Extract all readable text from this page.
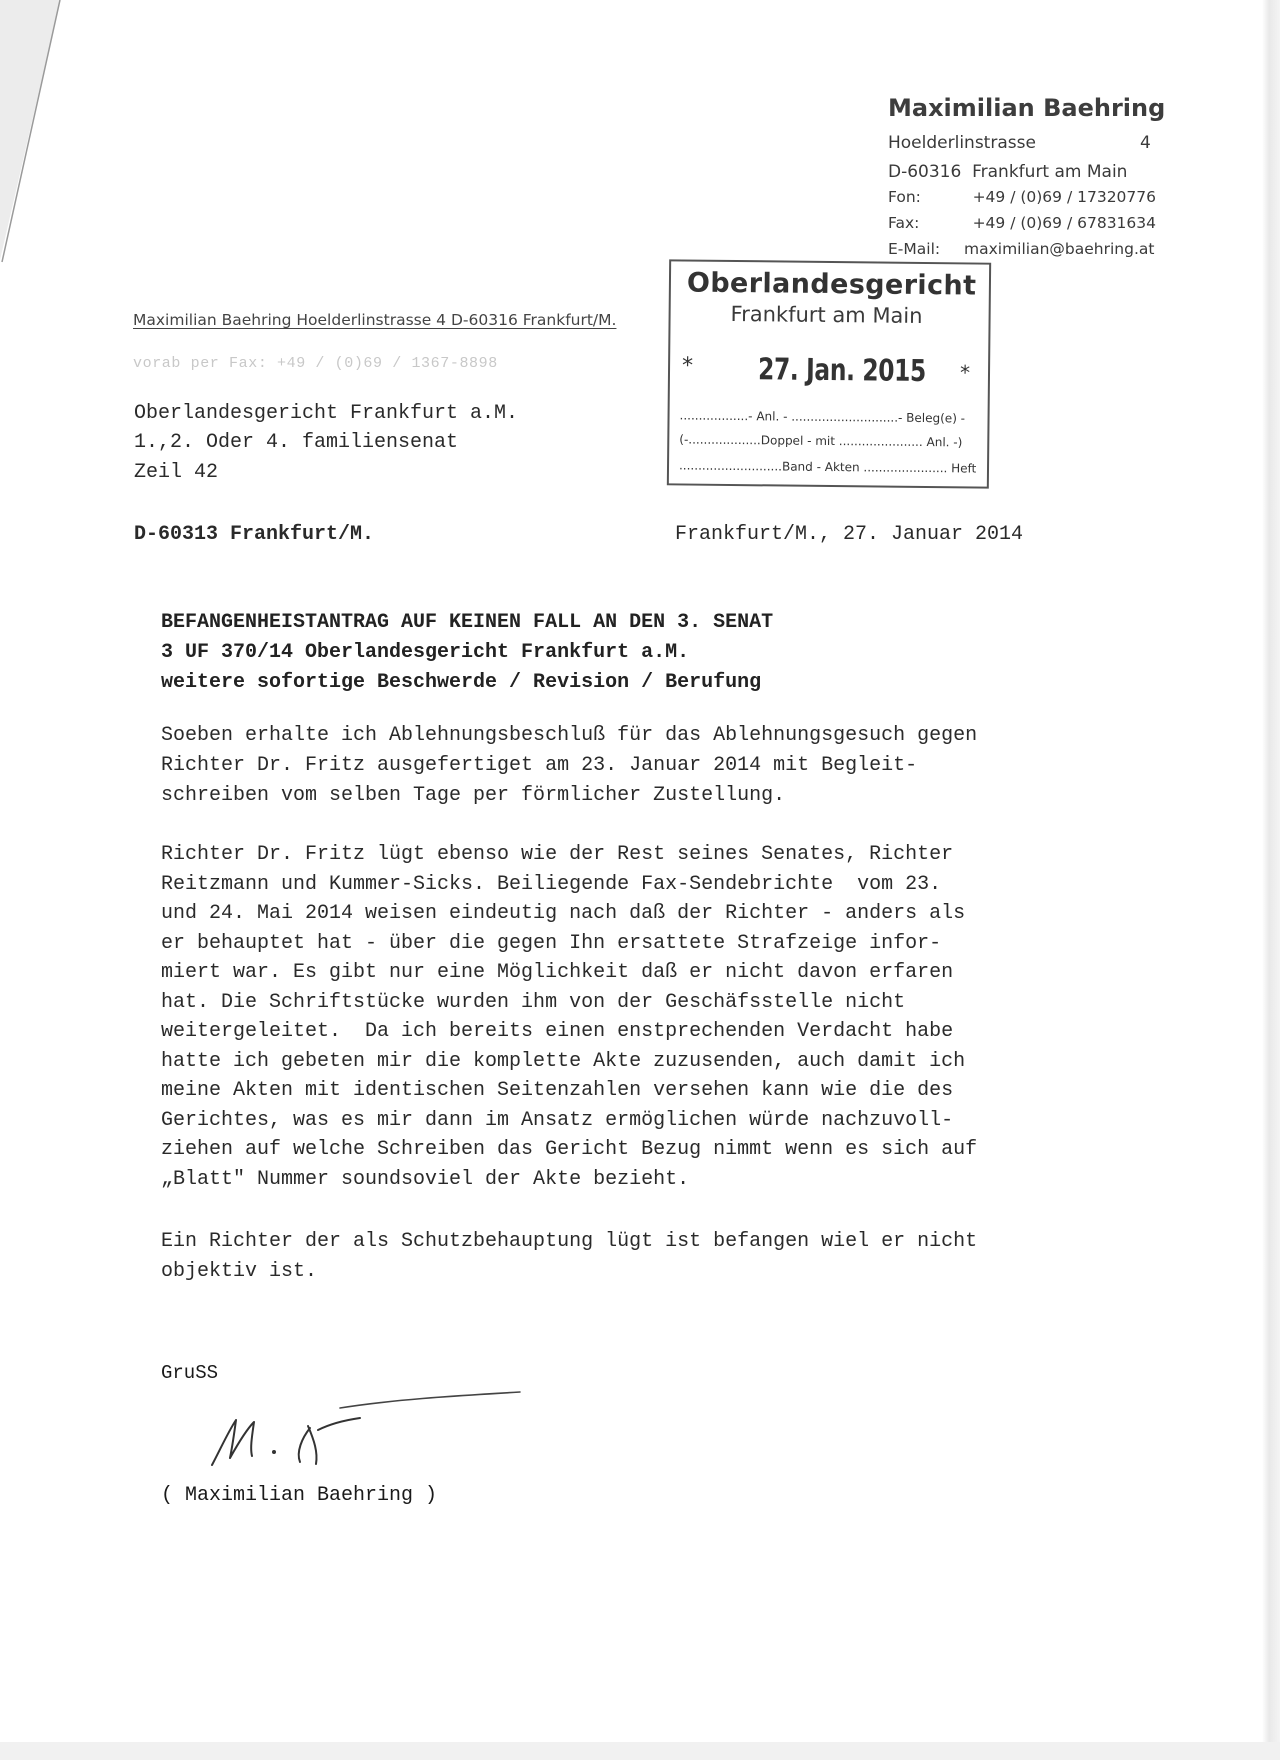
Maximilian Baehring
Hoelderlinstrasse	4
D-60316  Frankfurt am Main
Fon:	+49 / (0)69 / 17320776
Fax:	+49 / (0)69 / 67831634
E-Mail: maximilian@baehring.at
Maximilian Baehring Hoelderlinstrasse 4 D-60316 Frankfurt/M.
vorab per Fax: +49 / (0)69 / 1367-8898
Oberlandesgericht
Frankfurt am Main
* 27. Jan. 2015 *
..................- Anl. - ............................- Beleg(e) -
(-...................Doppel - mit ...................... Anl. -)
...........................Band - Akten ...................... Heft
Oberlandesgericht Frankfurt a.M.
1.,2. Oder 4. familiensenat
Zeil 42
D-60313 Frankfurt/M.	Frankfurt/M., 27. Januar 2014
BEFANGENHEISTANTRAG AUF KEINEN FALL AN DEN 3. SENAT
3 UF 370/14 Oberlandesgericht Frankfurt a.M.
weitere sofortige Beschwerde / Revision / Berufung
Soeben erhalte ich Ablehnungsbeschluß für das Ablehnungsgesuch gegen
Richter Dr. Fritz ausgefertiget am 23. Januar 2014 mit Begleit-
schreiben vom selben Tage per förmlicher Zustellung.
Richter Dr. Fritz lügt ebenso wie der Rest seines Senates, Richter
Reitzmann und Kummer-Sicks. Beiliegende Fax-Sendebrichte  vom 23.
und 24. Mai 2014 weisen eindeutig nach daß der Richter - anders als
er behauptet hat - über die gegen Ihn ersattete Strafzeige infor-
miert war. Es gibt nur eine Möglichkeit daß er nicht davon erfaren
hat. Die Schriftstücke wurden ihm von der Geschäfsstelle nicht
weitergeleitet.  Da ich bereits einen enstprechenden Verdacht habe
hatte ich gebeten mir die komplette Akte zuzusenden, auch damit ich
meine Akten mit identischen Seitenzahlen versehen kann wie die des
Gerichtes, was es mir dann im Ansatz ermöglichen würde nachzuvoll-
ziehen auf welche Schreiben das Gericht Bezug nimmt wenn es sich auf
„Blatt" Nummer soundsoviel der Akte bezieht.
Ein Richter der als Schutzbehauptung lügt ist befangen wiel er nicht
objektiv ist.
GruSS
( Maximilian Baehring )
